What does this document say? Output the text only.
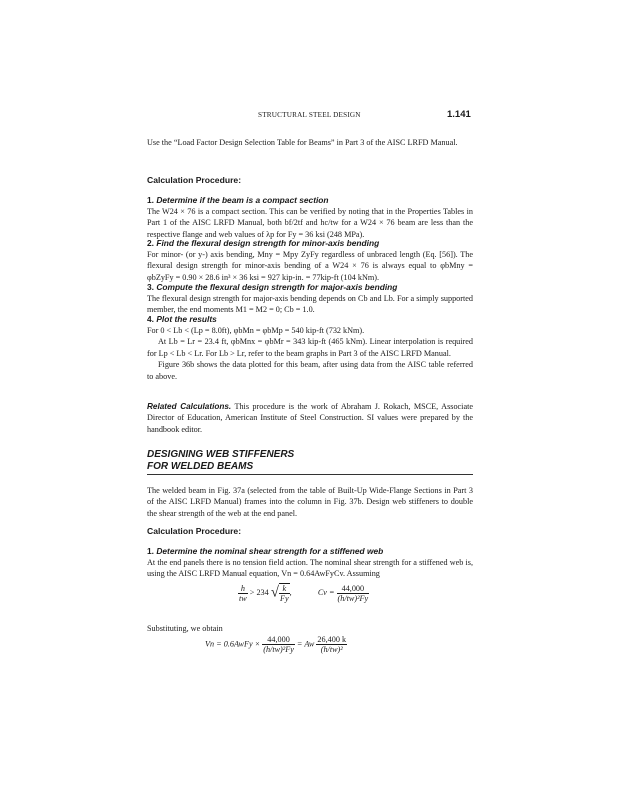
STRUCTURAL STEEL DESIGN	1.141

Use the “Load Factor Design Selection Table for Beams” in Part 3 of the AISC LRFD Manual.

Calculation Procedure:

1. Determine if the beam is a compact section

The W24 × 76 is a compact section. This can be verified by noting that in the Properties Tables in Part 1 of the AISC LRFD Manual, both bf/2tf and hc/tw for a W24 × 76 beam are less than the respective flange and web values of λp for Fy = 36 ksi (248 MPa).

2. Find the flexural design strength for minor-axis bending

For minor- (or y-) axis bending, Mny = Mpy ZyFy regardless of unbraced length (Eq. [56]). The flexural design strength for minor-axis bending of a W24 × 76 is always equal to φbMny = φbZyFy = 0.90 × 28.6 in³ × 36 ksi = 927 kip-in. = 77kip-ft (104 kNm).

3. Compute the flexural design strength for major-axis bending

The flexural design strength for major-axis bending depends on Cb and Lb. For a simply supported member, the end moments M1 = M2 = 0; Cb = 1.0.

4. Plot the results

For 0 < Lb < (Lp = 8.0ft), φbMn = φbMp = 540 kip-ft (732 kNm).

At Lb = Lr = 23.4 ft, φbMnx = φbMr = 343 kip-ft (465 kNm). Linear interpolation is required for Lp < Lb < Lr. For Lb > Lr, refer to the beam graphs in Part 3 of the AISC LRFD Manual.

Figure 36b shows the data plotted for this beam, after using data from the AISC table referred to above.

Related Calculations. This procedure is the work of Abraham J. Rokach, MSCE, Associate Director of Education, American Institute of Steel Construction. SI values were prepared by the handbook editor.

DESIGNING WEB STIFFENERS

FOR WELDED BEAMS

The welded beam in Fig. 37a (selected from the table of Built-Up Wide-Flange Sections in Part 3 of the AISC LRFD Manual) frames into the column in Fig. 37b. Design web stiffeners to double the shear strength of the web at the end panel.

Calculation Procedure:

1. Determine the nominal shear strength for a stiffened web

At the end panels there is no tension field action. The nominal shear strength for a stiffened web is, using the AISC LRFD Manual equation, Vn = 0.64AwFyCv. Assuming

$\frac{h}{tw} > 234$ √ $\frac{k}{Fy}$ ,	$Cv = \frac{44,000}{\text{(h/tw)²Fy}}$

Substituting, we obtain

Vn = 0.6AwFy × $\frac{44,000}{\text{(h/tw)²Fy}} = Aw \frac{26,400 k}{\text{(h/tw)²}}$
